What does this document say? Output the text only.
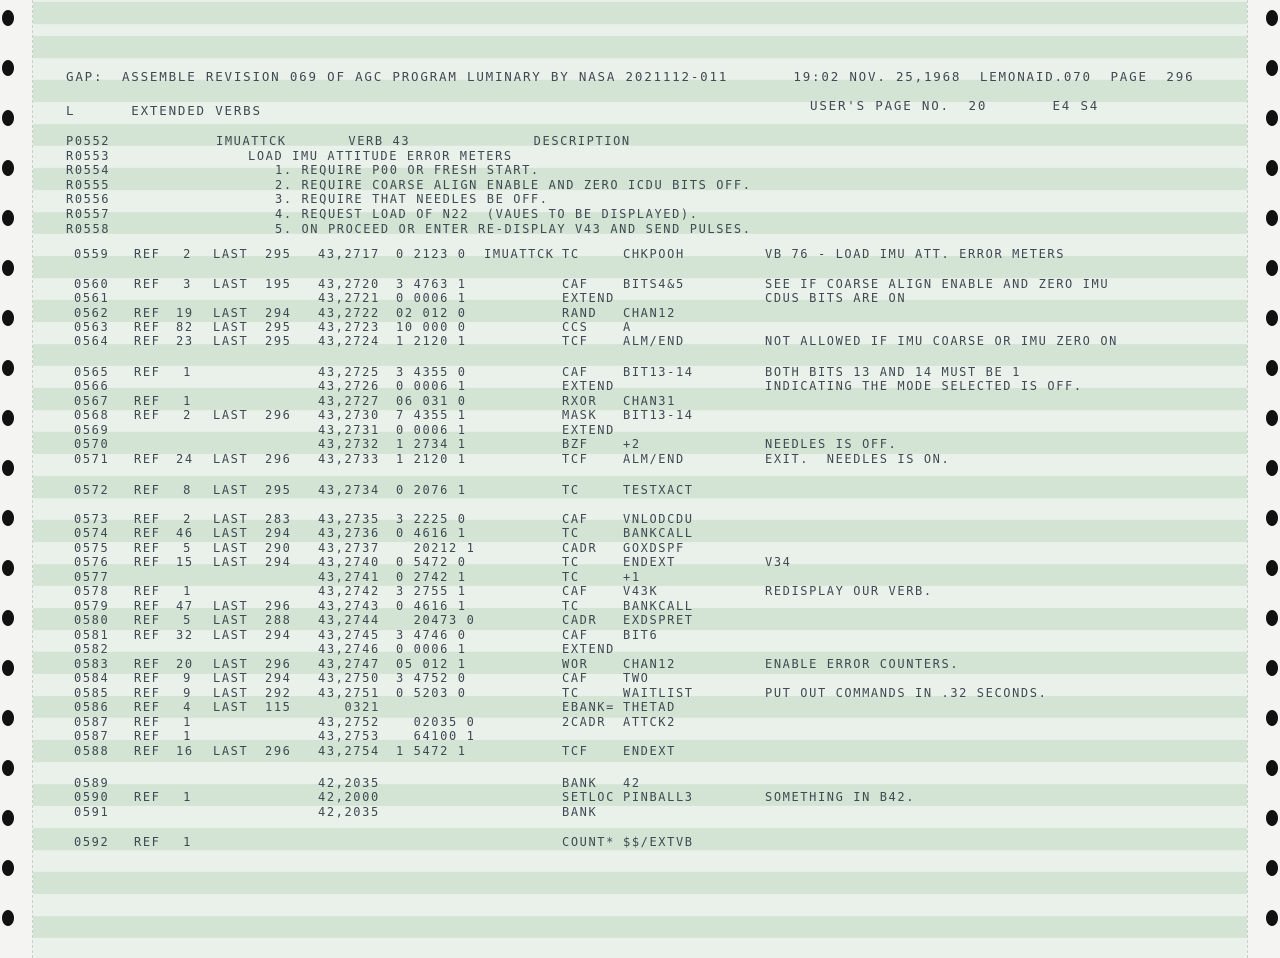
GAP:  ASSEMBLE REVISION 069 OF AGC PROGRAM LUMINARY BY NASA 2021112-011       19:02 NOV. 25,1968  LEMONAID.070  PAGE  296
L      EXTENDED VERBS	USER'S PAGE NO.  20       E4 S4
P0552	IMUATTCK       VERB 43              DESCRIPTION
R0553	LOAD IMU ATTITUDE ERROR METERS
R0554	1. REQUIRE P00 OR FRESH START.
R0555	2. REQUIRE COARSE ALIGN ENABLE AND ZERO ICDU BITS OFF.
R0556	3. REQUIRE THAT NEEDLES BE OFF.
R0557	4. REQUEST LOAD OF N22  (VAUES TO BE DISPLAYED).
R0558	5. ON PROCEED OR ENTER RE-DISPLAY V43 AND SEND PULSES.
0559 REF	2 LAST 295 43,2717 0 2123 0 IMUATTCK TC	CHKPOOH	VB 76 - LOAD IMU ATT. ERROR METERS
0560 REF	3 LAST 195 43,2720 3 4763 1	CAF	BITS4&5	SEE IF COARSE ALIGN ENABLE AND ZERO IMU
0561	43,2721 0 0006 1	EXTEND	CDUS BITS ARE ON
0562 REF 19 LAST 294 43,2722 02 012 0	RAND CHAN12
0563 REF 82 LAST 295 43,2723 10 000 0	CCS	A
0564 REF 23 LAST 295 43,2724 1 2120 1	TCF	ALM/END	NOT ALLOWED IF IMU COARSE OR IMU ZERO ON
0565 REF	1	43,2725 3 4355 0	CAF	BIT13-14	BOTH BITS 13 AND 14 MUST BE 1
0566	43,2726 0 0006 1	EXTEND	INDICATING THE MODE SELECTED IS OFF.
0567 REF	1	43,2727 06 031 0	RXOR CHAN31
0568 REF	2 LAST 296 43,2730 7 4355 1	MASK BIT13-14
0569	43,2731 0 0006 1	EXTEND
0570	43,2732 1 2734 1	BZF	+2	NEEDLES IS OFF.
0571 REF 24 LAST 296 43,2733 1 2120 1	TCF	ALM/END	EXIT.  NEEDLES IS ON.
0572 REF	8 LAST 295 43,2734 0 2076 1	TC	TESTXACT
0573 REF	2 LAST 283 43,2735 3 2225 0	CAF	VNLODCDU
0574 REF 46 LAST 294 43,2736 0 4616 1	TC	BANKCALL
0575 REF	5 LAST 290 43,2737 20212 1	CADR GOXDSPF
0576 REF 15 LAST 294 43,2740 0 5472 0	TC	ENDEXT	V34
0577	43,2741 0 2742 1	TC	+1
0578 REF	1	43,2742 3 2755 1	CAF	V43K	REDISPLAY OUR VERB.
0579 REF 47 LAST 296 43,2743 0 4616 1	TC	BANKCALL
0580 REF	5 LAST 288 43,2744 20473 0	CADR EXDSPRET
0581 REF 32 LAST 294 43,2745 3 4746 0	CAF	BIT6
0582	43,2746 0 0006 1	EXTEND
0583 REF 20 LAST 296 43,2747 05 012 1	WOR	CHAN12	ENABLE ERROR COUNTERS.
0584 REF	9 LAST 294 43,2750 3 4752 0	CAF	TWO
0585 REF	9 LAST 292 43,2751 0 5203 0	TC	WAITLIST	PUT OUT COMMANDS IN .32 SECONDS.
0586 REF	4 LAST 115 0321	EBANK= THETAD
0587 REF	1	43,2752 02035 0	2CADR ATTCK2
0587 REF	1	43,2753 64100 1
0588 REF 16 LAST 296 43,2754 1 5472 1	TCF	ENDEXT
0589	42,2035	BANK 42
0590 REF	1	42,2000	SETLOC PINBALL3	SOMETHING IN B42.
0591	42,2035	BANK
0592 REF	1	COUNT* $$/EXTVB
